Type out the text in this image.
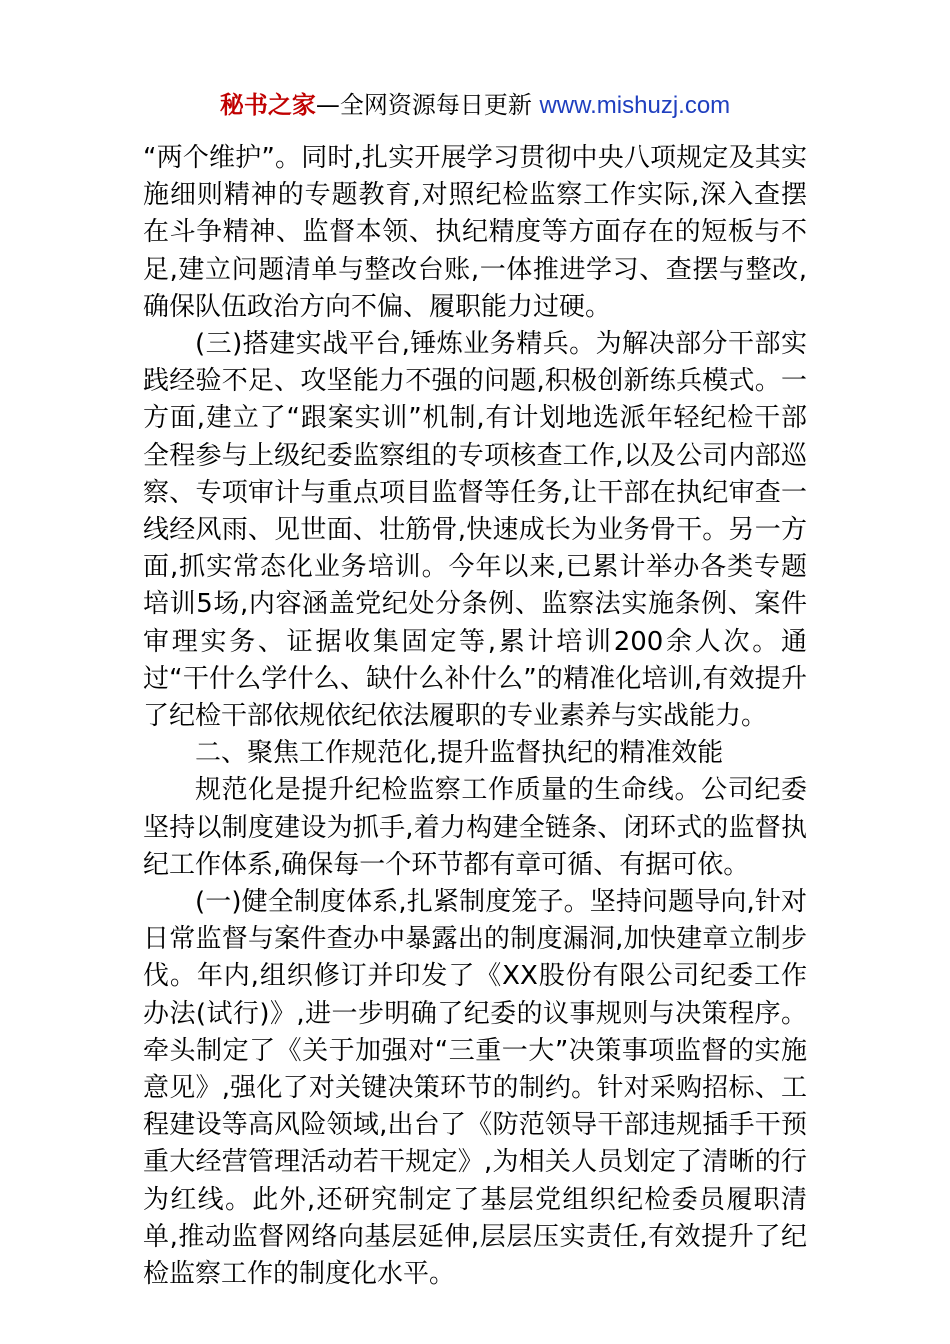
秘书之家—全网资源每日更新 www.mishuzj.com

“两个维护”。同时,扎实开展学习贯彻中央八项规定及其实施细则精神的专题教育,对照纪检监察工作实际,深入查摆在斗争精神、监督本领、执纪精度等方面存在的短板与不足,建立问题清单与整改台账,一体推进学习、查摆与整改,确保队伍政治方向不偏、履职能力过硬。

(三)搭建实战平台,锤炼业务精兵。为解决部分干部实践经验不足、攻坚能力不强的问题,积极创新练兵模式。一方面,建立了“跟案实训”机制,有计划地选派年轻纪检干部全程参与上级纪委监察组的专项核查工作,以及公司内部巡察、专项审计与重点项目监督等任务,让干部在执纪审查一线经风雨、见世面、壮筋骨,快速成长为业务骨干。另一方面,抓实常态化业务培训。今年以来,已累计举办各类专题培训5场,内容涵盖党纪处分条例、监察法实施条例、案件审理实务、证据收集固定等,累计培训200余人次。通过“干什么学什么、缺什么补什么”的精准化培训,有效提升了纪检干部依规依纪依法履职的专业素养与实战能力。

二、聚焦工作规范化,提升监督执纪的精准效能

规范化是提升纪检监察工作质量的生命线。公司纪委坚持以制度建设为抓手,着力构建全链条、闭环式的监督执纪工作体系,确保每一个环节都有章可循、有据可依。

(一)健全制度体系,扎紧制度笼子。坚持问题导向,针对日常监督与案件查办中暴露出的制度漏洞,加快建章立制步伐。年内,组织修订并印发了《XX股份有限公司纪委工作办法(试行)》,进一步明确了纪委的议事规则与决策程序。牵头制定了《关于加强对“三重一大”决策事项监督的实施意见》,强化了对关键决策环节的制约。针对采购招标、工程建设等高风险领域,出台了《防范领导干部违规插手干预重大经营管理活动若干规定》,为相关人员划定了清晰的行为红线。此外,还研究制定了基层党组织纪检委员履职清单,推动监督网络向基层延伸,层层压实责任,有效提升了纪检监察工作的制度化水平。
